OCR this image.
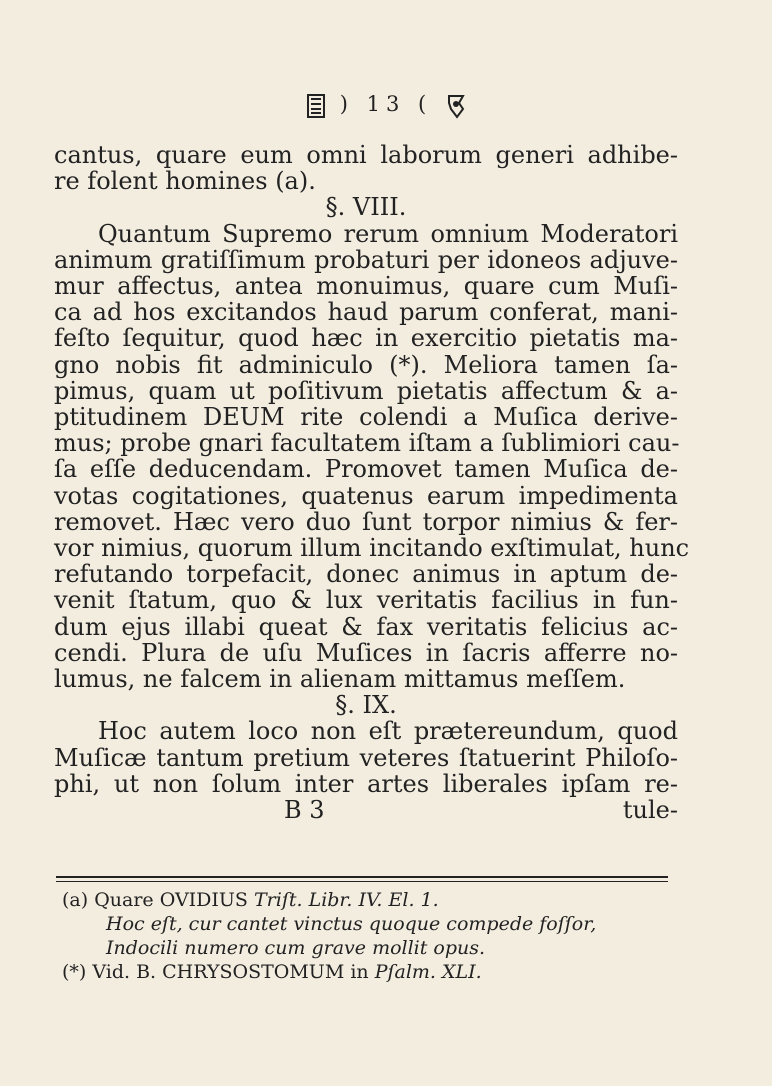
) 13 (
cantus, quare eum omni laborum generi adhibe-
re folent homines (a).
§. VIII.
Quantum Supremo rerum omnium Moderatori
animum gratiſſimum probaturi per idoneos adjuve-
mur affectus, antea monuimus, quare cum Muſi-
ca ad hos excitandos haud parum conferat, mani-
feſto ſequitur, quod hæc in exercitio pietatis ma-
gno nobis fit adminiculo (*). Meliora tamen ſa-
pimus, quam ut poſitivum pietatis affectum & a-
ptitudinem DEUM rite colendi a Muſica derive-
mus; probe gnari facultatem iſtam a ſublimiori cau-
ſa eſſe deducendam. Promovet tamen Muſica de-
votas cogitationes, quatenus earum impedimenta
removet. Hæc vero duo ſunt torpor nimius & fer-
vor nimius, quorum illum incitando exſtimulat, hunc
refutando torpefacit, donec animus in aptum de-
venit ſtatum, quo & lux veritatis facilius in fun-
dum ejus illabi queat & fax veritatis felicius ac-
cendi. Plura de uſu Muſices in ſacris afferre no-
lumus, ne falcem in alienam mittamus meſſem.
§. IX.
Hoc autem loco non eſt prætereundum, quod
Muſicæ tantum pretium veteres ſtatuerint Philoſo-
phi, ut non ſolum inter artes liberales ipſam re-
B 3	tule-
(a) Quare OVIDIUS Triſt. Libr. IV. El. 1.
Hoc eſt, cur cantet vinctus quoque compede foſſor,
Indocili numero cum grave mollit opus.
(*) Vid. B. CHRYSOSTOMUM in Pſalm. XLI.
